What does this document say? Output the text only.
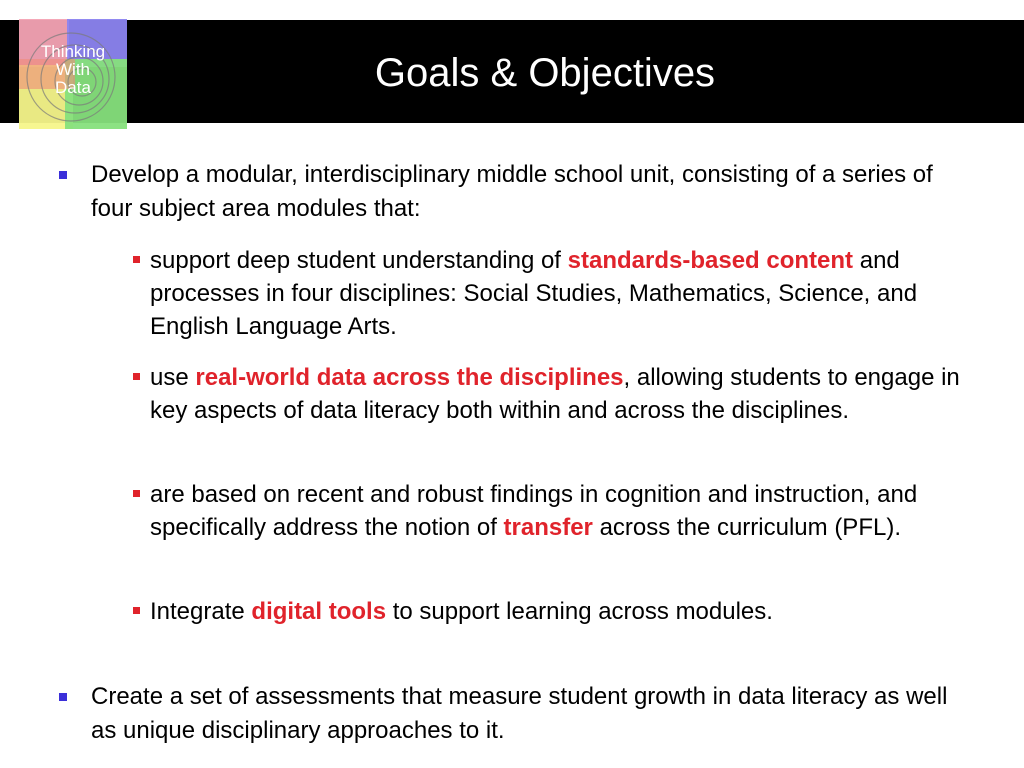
Thinking
With
Data	Goals & Objectives
Develop a modular, interdisciplinary middle school unit, consisting of a series of four subject area modules that:
support deep student understanding of standards-based content and processes in four disciplines: Social Studies, Mathematics, Science, and English Language Arts.
use real-world data across the disciplines, allowing students to engage in key aspects of data literacy both within and across the disciplines.
are based on recent and robust findings in cognition and instruction, and specifically address the notion of transfer across the curriculum (PFL).
Integrate digital tools to support learning across modules.
Create a set of assessments that measure student growth in data literacy as well as unique disciplinary approaches to it.
